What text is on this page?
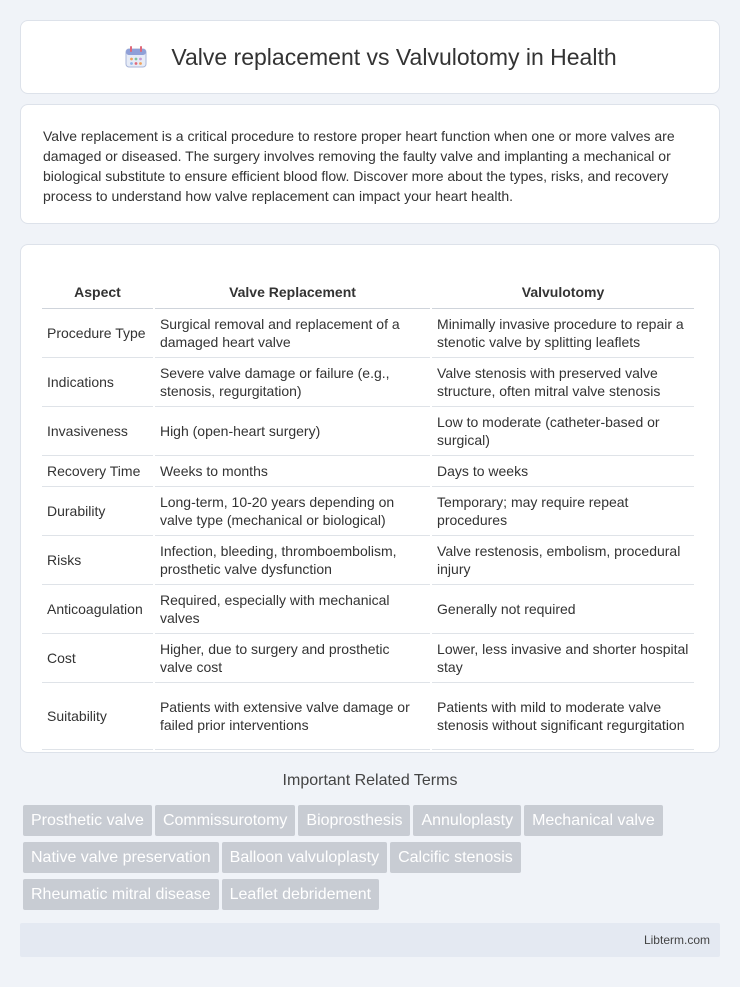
Valve replacement vs Valvulotomy in Health

Valve replacement is a critical procedure to restore proper heart function when one or more valves are damaged or diseased. The surgery involves removing the faulty valve and implanting a mechanical or biological substitute to ensure efficient blood flow. Discover more about the types, risks, and recovery process to understand how valve replacement can impact your heart health.

Aspect	Valve Replacement	Valvulotomy
Procedure Type	Surgical removal and replacement of a damaged heart valve	Minimally invasive procedure to repair a stenotic valve by splitting leaflets
Indications	Severe valve damage or failure (e.g., stenosis, regurgitation)	Valve stenosis with preserved valve structure, often mitral valve stenosis
Invasiveness	High (open-heart surgery)	Low to moderate (catheter-based or surgical)
Recovery Time	Weeks to months	Days to weeks
Durability	Long-term, 10-20 years depending on valve type (mechanical or biological)	Temporary; may require repeat procedures
Risks	Infection, bleeding, thromboembolism, prosthetic valve dysfunction	Valve restenosis, embolism, procedural injury
Anticoagulation	Required, especially with mechanical valves	Generally not required
Cost	Higher, due to surgery and prosthetic valve cost	Lower, less invasive and shorter hospital stay
Suitability	Patients with extensive valve damage or failed prior interventions	Patients with mild to moderate valve stenosis without significant regurgitation
Important Related Terms
Prosthetic valve Commissurotomy Bioprosthesis Annuloplasty Mechanical valve
Native valve preservation Balloon valvuloplasty Calcific stenosis
Rheumatic mitral disease Leaflet debridement
Libterm.com
